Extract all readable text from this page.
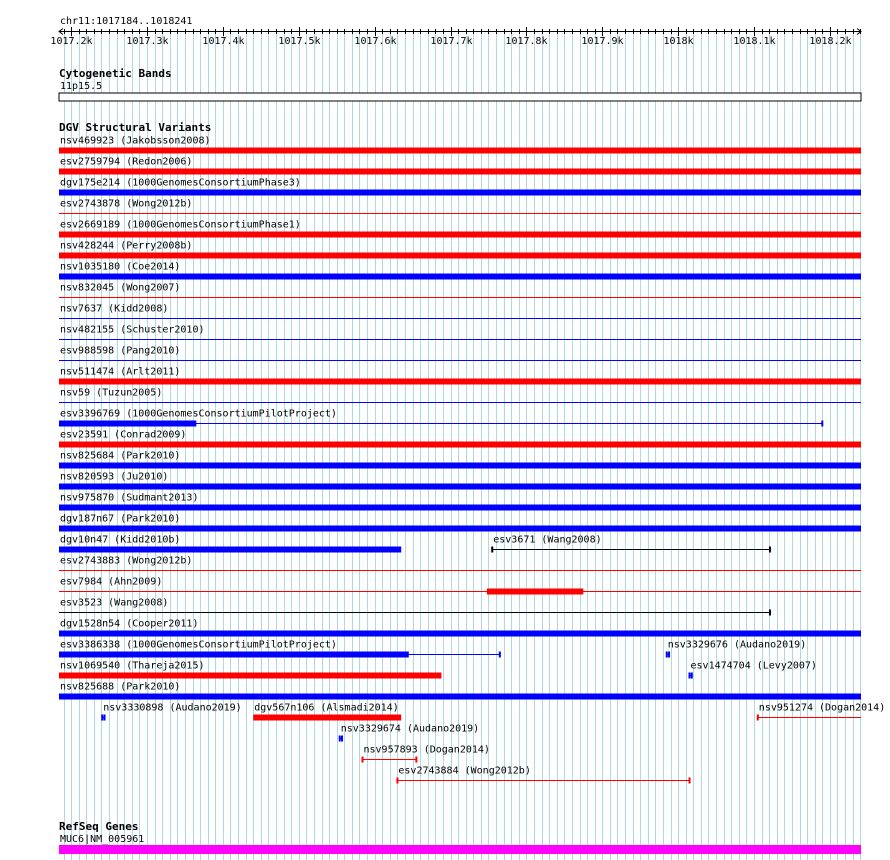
chr11:1017184..1018241
1017.2k	1017.3k	1017.4k	1017.5k	1017.6k	1017.7k	1017.8k	1017.9k	1018k	1018.1k	1018.2k
Cytogenetic Bands
11p15.5
DGV Structural Variants
nsv469923 (Jakobsson2008)
esv2759794 (Redon2006)
dgv175e214 (1000GenomesConsortiumPhase3)
esv2743878 (Wong2012b)
esv2669189 (1000GenomesConsortiumPhase1)
nsv428244 (Perry2008b)
nsv1035180 (Coe2014)
nsv832045 (Wong2007)
nsv7637 (Kidd2008)
nsv482155 (Schuster2010)
esv988598 (Pang2010)
nsv511474 (Arlt2011)
nsv59 (Tuzun2005)
esv3396769 (1000GenomesConsortiumPilotProject)
esv23591 (Conrad2009)
nsv825684 (Park2010)
nsv820593 (Ju2010)
nsv975870 (Sudmant2013)
dgv187n67 (Park2010)
dgv10n47 (Kidd2010b)	esv3671 (Wang2008)
esv2743883 (Wong2012b)
esv7984 (Ahn2009)
esv3523 (Wang2008)
dgv1528n54 (Cooper2011)
esv3386338 (1000GenomesConsortiumPilotProject)	nsv3329676 (Audano2019)
nsv1069540 (Thareja2015)	esv1474704 (Levy2007)
nsv825688 (Park2010)
nsv3330898 (Audano2019) dgv567n106 (Alsmadi2014)	nsv951274 (Dogan2014)
nsv3329674 (Audano2019)
nsv957893 (Dogan2014)
esv2743884 (Wong2012b)
RefSeq Genes
MUC6|NM_005961
